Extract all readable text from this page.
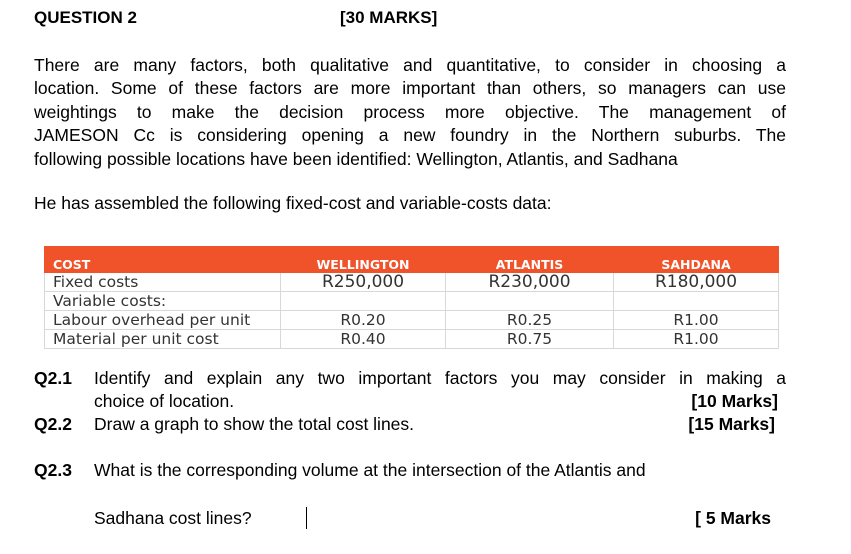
QUESTION 2	[30 MARKS]
There are many factors, both qualitative and quantitative, to consider in choosing a
location. Some of these factors are more important than others, so managers can use
weightings to make the decision process more objective. The management of
JAMESON Cc is considering opening a new foundry in the Northern suburbs. The
following possible locations have been identified: Wellington, Atlantis, and Sadhana
He has assembled the following fixed-cost and variable-costs data:
COST	WELLINGTON	ATLANTIS	SAHDANA
Fixed costs	R250,000	R230,000	R180,000
Variable costs:			
Labour overhead per unit	R0.20	R0.25	R1.00
Material per unit cost	R0.40	R0.75	R1.00
Q2.1 Identify and explain any two important factors you may consider in making a
choice of location.	[10 Marks]
Q2.2 Draw a graph to show the total cost lines.	[15 Marks]
Q2.3 What is the corresponding volume at the intersection of the Atlantis and
Sadhana cost lines?	[ 5 Marks
